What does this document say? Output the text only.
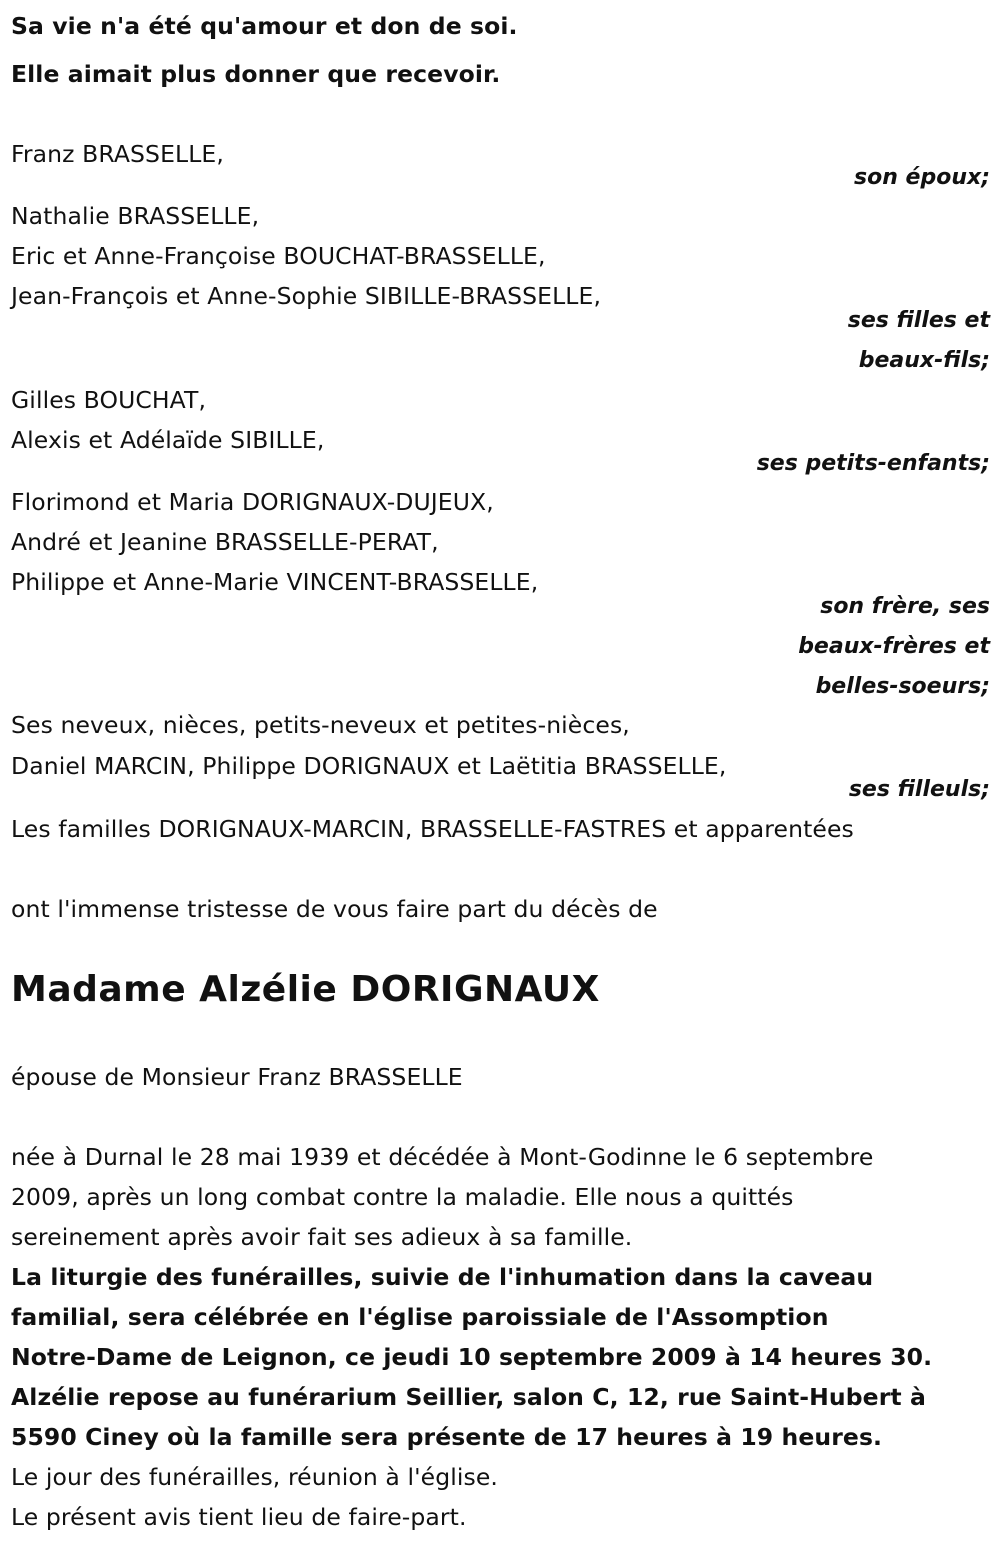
Sa vie n'a été qu'amour et don de soi.
Elle aimait plus donner que recevoir.
Franz BRASSELLE,
son époux;
Nathalie BRASSELLE,
Eric et Anne-Françoise BOUCHAT-BRASSELLE,
Jean-François et Anne-Sophie SIBILLE-BRASSELLE,
ses filles et
beaux-fils;
Gilles BOUCHAT,
Alexis et Adélaïde SIBILLE,
ses petits-enfants;
Florimond et Maria DORIGNAUX-DUJEUX,
André et Jeanine BRASSELLE-PERAT,
Philippe et Anne-Marie VINCENT-BRASSELLE,
son frère, ses
beaux-frères et
belles-soeurs;
Ses neveux, nièces, petits-neveux et petites-nièces,
Daniel MARCIN, Philippe DORIGNAUX et Laëtitia BRASSELLE,
ses filleuls;
Les familles DORIGNAUX-MARCIN, BRASSELLE-FASTRES et apparentées
ont l'immense tristesse de vous faire part du décès de
Madame Alzélie DORIGNAUX
épouse de Monsieur Franz BRASSELLE
née à Durnal le 28 mai 1939 et décédée à Mont-Godinne le 6 septembre
2009, après un long combat contre la maladie. Elle nous a quittés
sereinement après avoir fait ses adieux à sa famille.
La liturgie des funérailles, suivie de l'inhumation dans la caveau
familial, sera célébrée en l'église paroissiale de l'Assomption
Notre-Dame de Leignon, ce jeudi 10 septembre 2009 à 14 heures 30.
Alzélie repose au funérarium Seillier, salon C, 12, rue Saint-Hubert à
5590 Ciney où la famille sera présente de 17 heures à 19 heures.
Le jour des funérailles, réunion à l'église.
Le présent avis tient lieu de faire-part.
